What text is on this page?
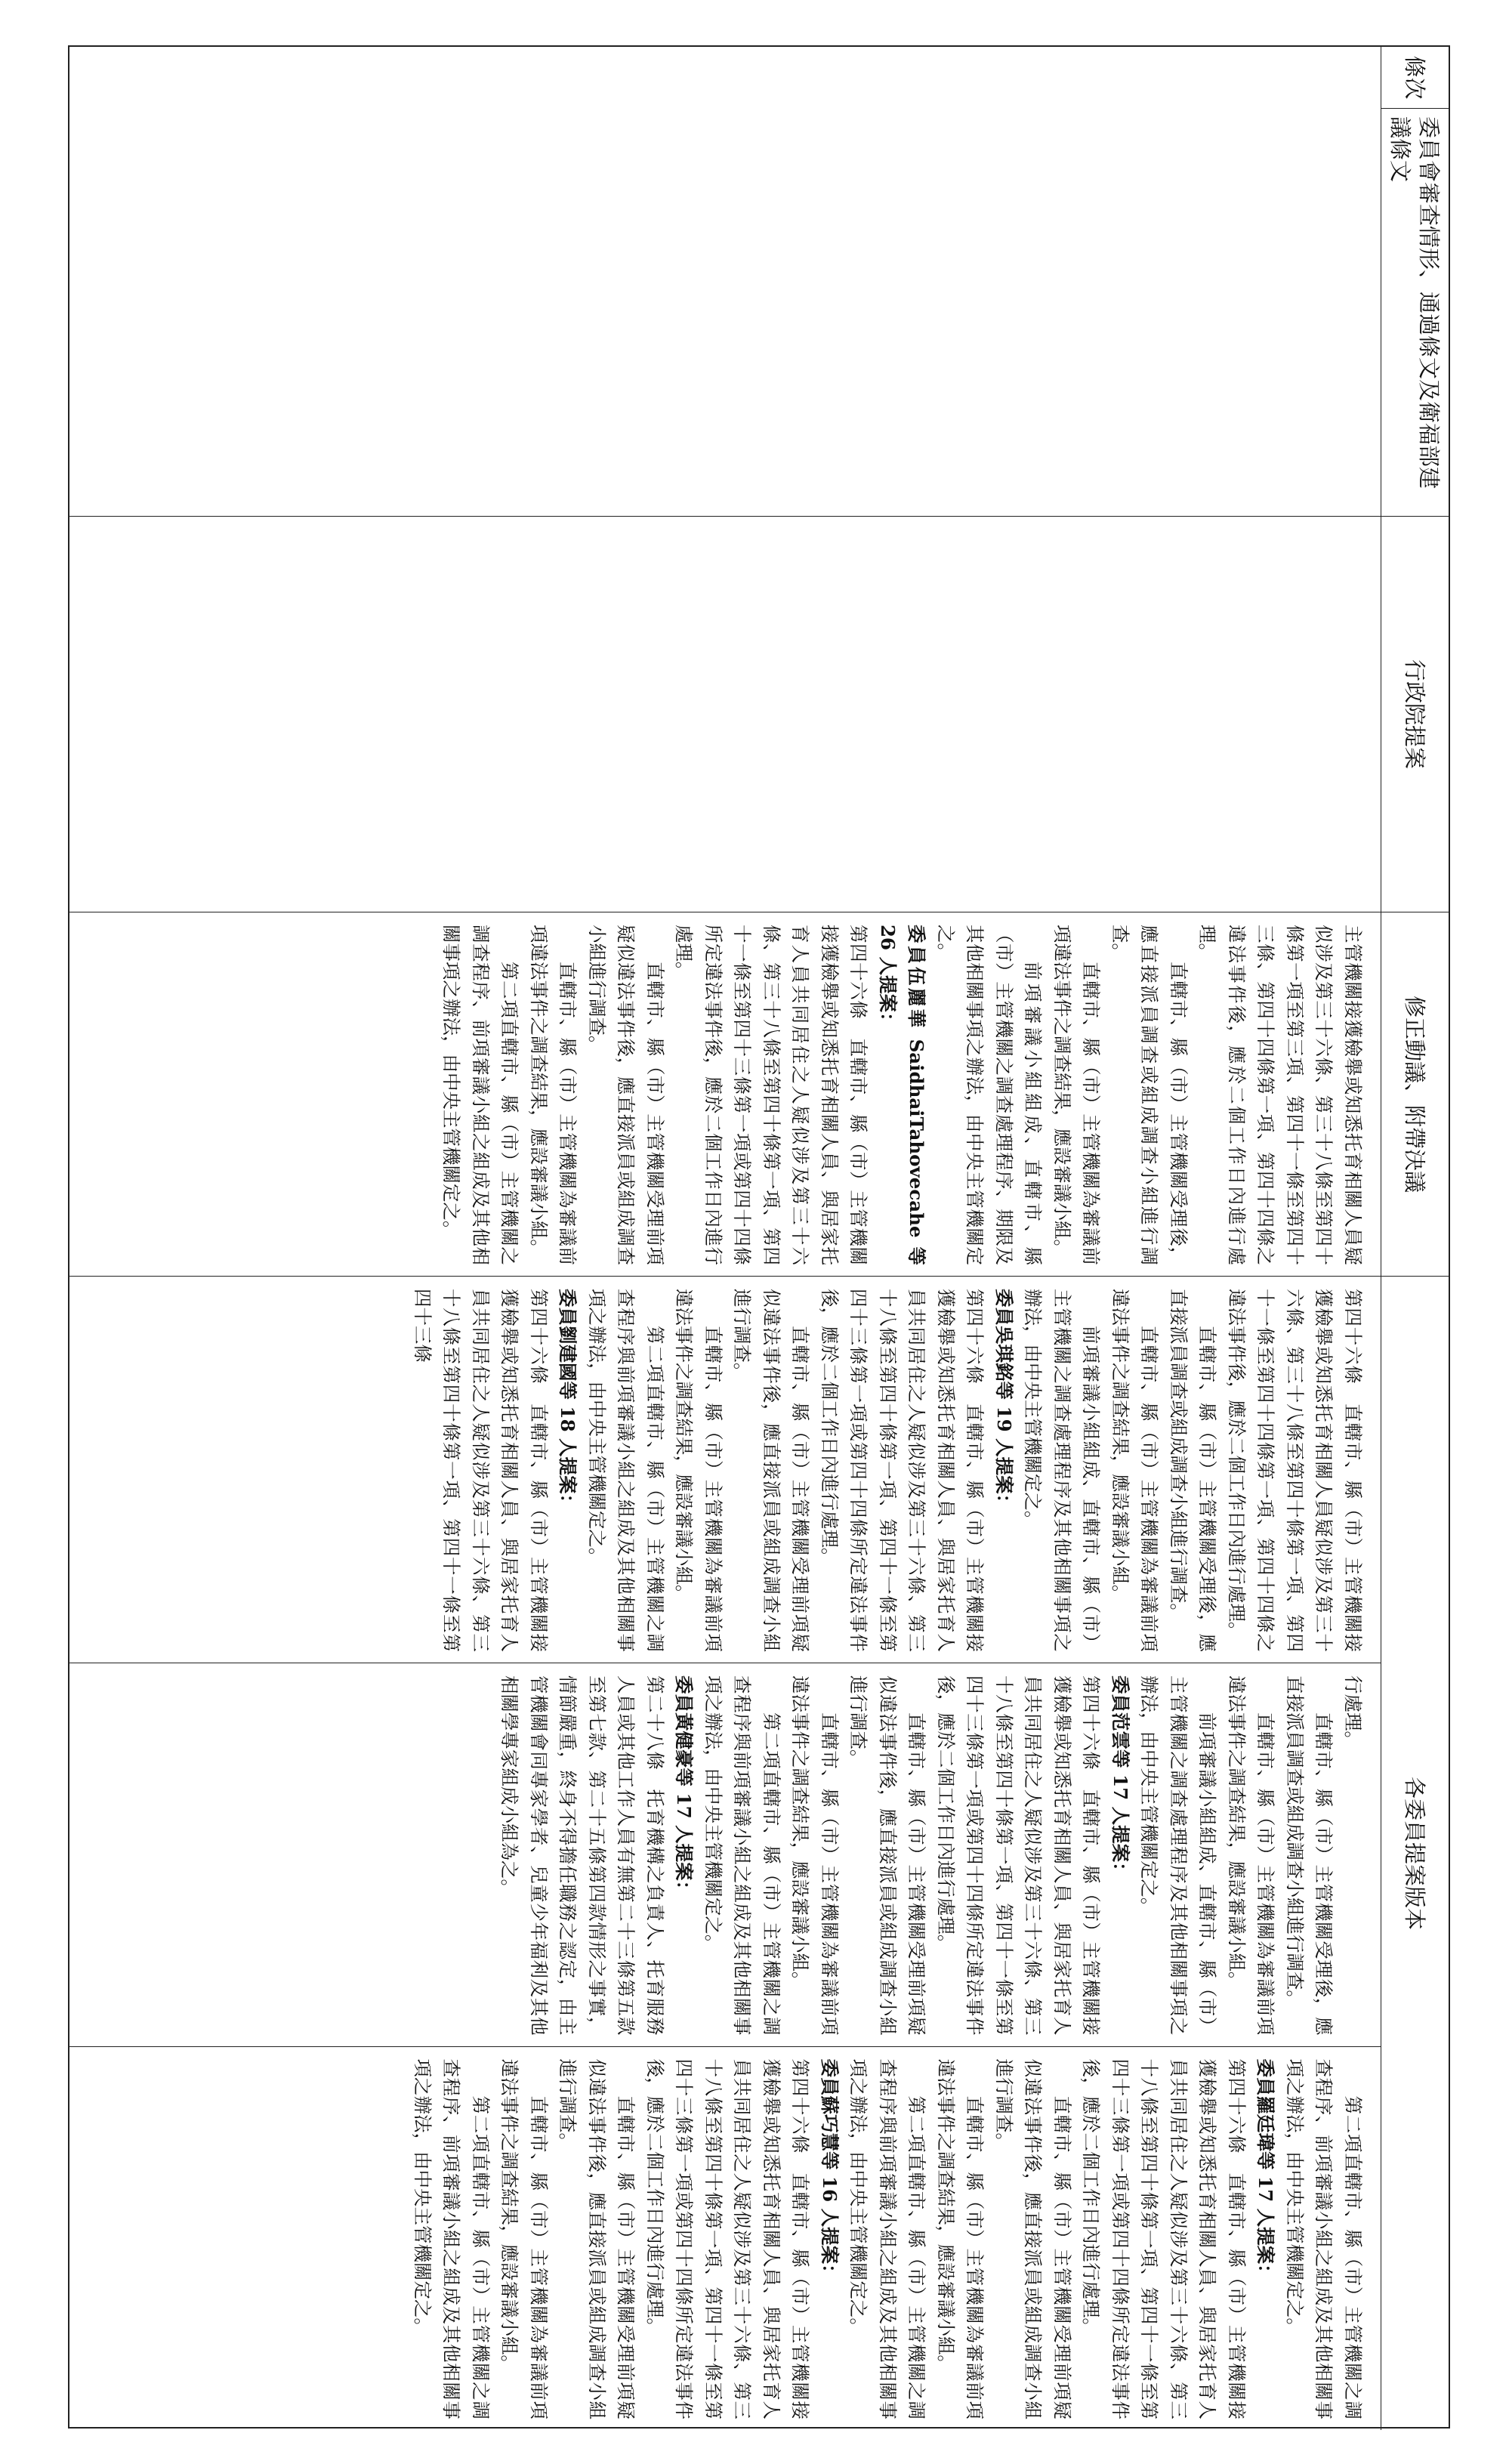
條次
委員會審查情形、通過條文及衛福部建議條文
行政院提案
修正動議、附帶決議
各委員提案版本

主管機關接獲檢舉或知悉托育相關人員疑似涉及第三十六條、第三十八條至第四十條第一項至第三項、第四十一條至第四十三條、第四十四條第一項、第四十四條之違法事件後，應於二個工作日內進行處理。

直轄市、縣（市）主管機關受理後，應直接派員調查或組成調查小組進行調查。

直轄市、縣（市）主管機關為審議前項違法事件之調查結果，應設審議小組。

前項審議小組組成、直轄市、縣（市）主管機關之調查處理程序、期限及其他相關事項之辦法，由中央主管機關定之。

委員伍麗華 SaidhaiTahovecahe 等 26 人提案：

第四十六條　直轄市、縣（市）主管機關接獲檢舉或知悉托育相關人員、與居家托育人員共同居住之人疑似涉及第三十六條、第三十八條至第四十條第一項、第四十一條至第四十三條第一項或第四十四條所定違法事件後，應於二個工作日內進行處理。

直轄市、縣（市）主管機關受理前項疑似違法事件後，應直接派員或組成調查小組進行調查。

直轄市、縣（市）主管機關為審議前項違法事件之調查結果，應設審議小組。

第二項直轄市、縣（市）主管機關之調查程序、前項審議小組之組成及其他相關事項之辦法，由中央主管機關定之。

第四十六條　直轄市、縣（市）主管機關接獲檢舉或知悉托育相關人員疑似涉及第三十六條、第三十八條至第四十條第一項、第四十一條至第四十四條第一項、第四十四條之違法事件後，應於二個工作日內進行處理。

直轄市、縣（市）主管機關受理後，應直接派員調查或組成調查小組進行調查。

直轄市、縣（市）主管機關為審議前項違法事件之調查結果，應設審議小組。

前項審議小組組成、直轄市、縣（市）主管機關之調查處理程序及其他相關事項之辦法，由中央主管機關定之。

委員吳琪銘等 19 人提案：

第四十六條　直轄市、縣（市）主管機關接獲檢舉或知悉托育相關人員、與居家托育人員共同居住之人疑似涉及第三十六條、第三十八條至第四十條第一項、第四十一條至第四十三條第一項或第四十四條所定違法事件後，應於二個工作日內進行處理。

直轄市、縣（市）主管機關受理前項疑似違法事件後，應直接派員或組成調查小組進行調查。

直轄市、縣（市）主管機關為審議前項違法事件之調查結果，應設審議小組。

第二項直轄市、縣（市）主管機關之調查程序與前項審議小組之組成及其他相關事項之辦法，由中央主管機關定之。

委員劉建國等 18 人提案：

第四十六條　直轄市、縣（市）主管機關接獲檢舉或知悉托育相關人員、與居家托育人員共同居住之人疑似涉及第三十六條、第三十八條至第四十條第一項、第四十一條至第四十三條

行處理。

直轄市、縣（市）主管機關受理後，應直接派員調查或組成調查小組進行調查。

直轄市、縣（市）主管機關為審議前項違法事件之調查結果，應設審議小組。

前項審議小組組成、直轄市、縣（市）主管機關之調查處理程序及其他相關事項之辦法，由中央主管機關定之。

委員范雲等 17 人提案：

第四十六條　直轄市、縣（市）主管機關接獲檢舉或知悉托育相關人員、與居家托育人員共同居住之人疑似涉及第三十六條、第三十八條至第四十條第一項、第四十一條至第四十三條第一項或第四十四條所定違法事件後，應於二個工作日內進行處理。

直轄市、縣（市）主管機關受理前項疑似違法事件後，應直接派員或組成調查小組進行調查。

直轄市、縣（市）主管機關為審議前項違法事件之調查結果，應設審議小組。

第二項直轄市、縣（市）主管機關之調查程序與前項審議小組之組成及其他相關事項之辦法，由中央主管機關定之。

委員黃健豪等 17 人提案：

第二十八條　托育機構之負責人、托育服務人員或其他工作人員有無第二十三條第五款至第七款、第二十五條第四款情形之事實，情節嚴重，終身不得擔任職務之認定，由主管機關會同專家學者、兒童少年福利及其他相關學專家組成小組為之。

第二項直轄市、縣（市）主管機關之調查程序、前項審議小組之組成及其他相關事項之辦法，由中央主管機關定之。

委員羅廷瑋等 17 人提案：

第四十六條　直轄市、縣（市）主管機關接獲檢舉或知悉托育相關人員、與居家托育人員共同居住之人疑似涉及第三十六條、第三十八條至第四十條第一項、第四十一條至第四十三條第一項或第四十四條所定違法事件後，應於二個工作日內進行處理。

直轄市、縣（市）主管機關受理前項疑似違法事件後，應直接派員或組成調查小組進行調查。

直轄市、縣（市）主管機關為審議前項違法事件之調查結果，應設審議小組。

第二項直轄市、縣（市）主管機關之調查程序與前項審議小組之組成及其他相關事項之辦法，由中央主管機關定之。

委員蘇巧慧等 16 人提案：

第四十六條　直轄市、縣（市）主管機關接獲檢舉或知悉托育相關人員、與居家托育人員共同居住之人疑似涉及第三十六條、第三十八條至第四十條第一項、第四十一條至第四十三條第一項或第四十四條所定違法事件後，應於二個工作日內進行處理。

直轄市、縣（市）主管機關受理前項疑似違法事件後，應直接派員或組成調查小組進行調查。

直轄市、縣（市）主管機關為審議前項違法事件之調查結果，應設審議小組。

第二項直轄市、縣（市）主管機關之調查程序、前項審議小組之組成及其他相關事項之辦法，由中央主管機關定之。
